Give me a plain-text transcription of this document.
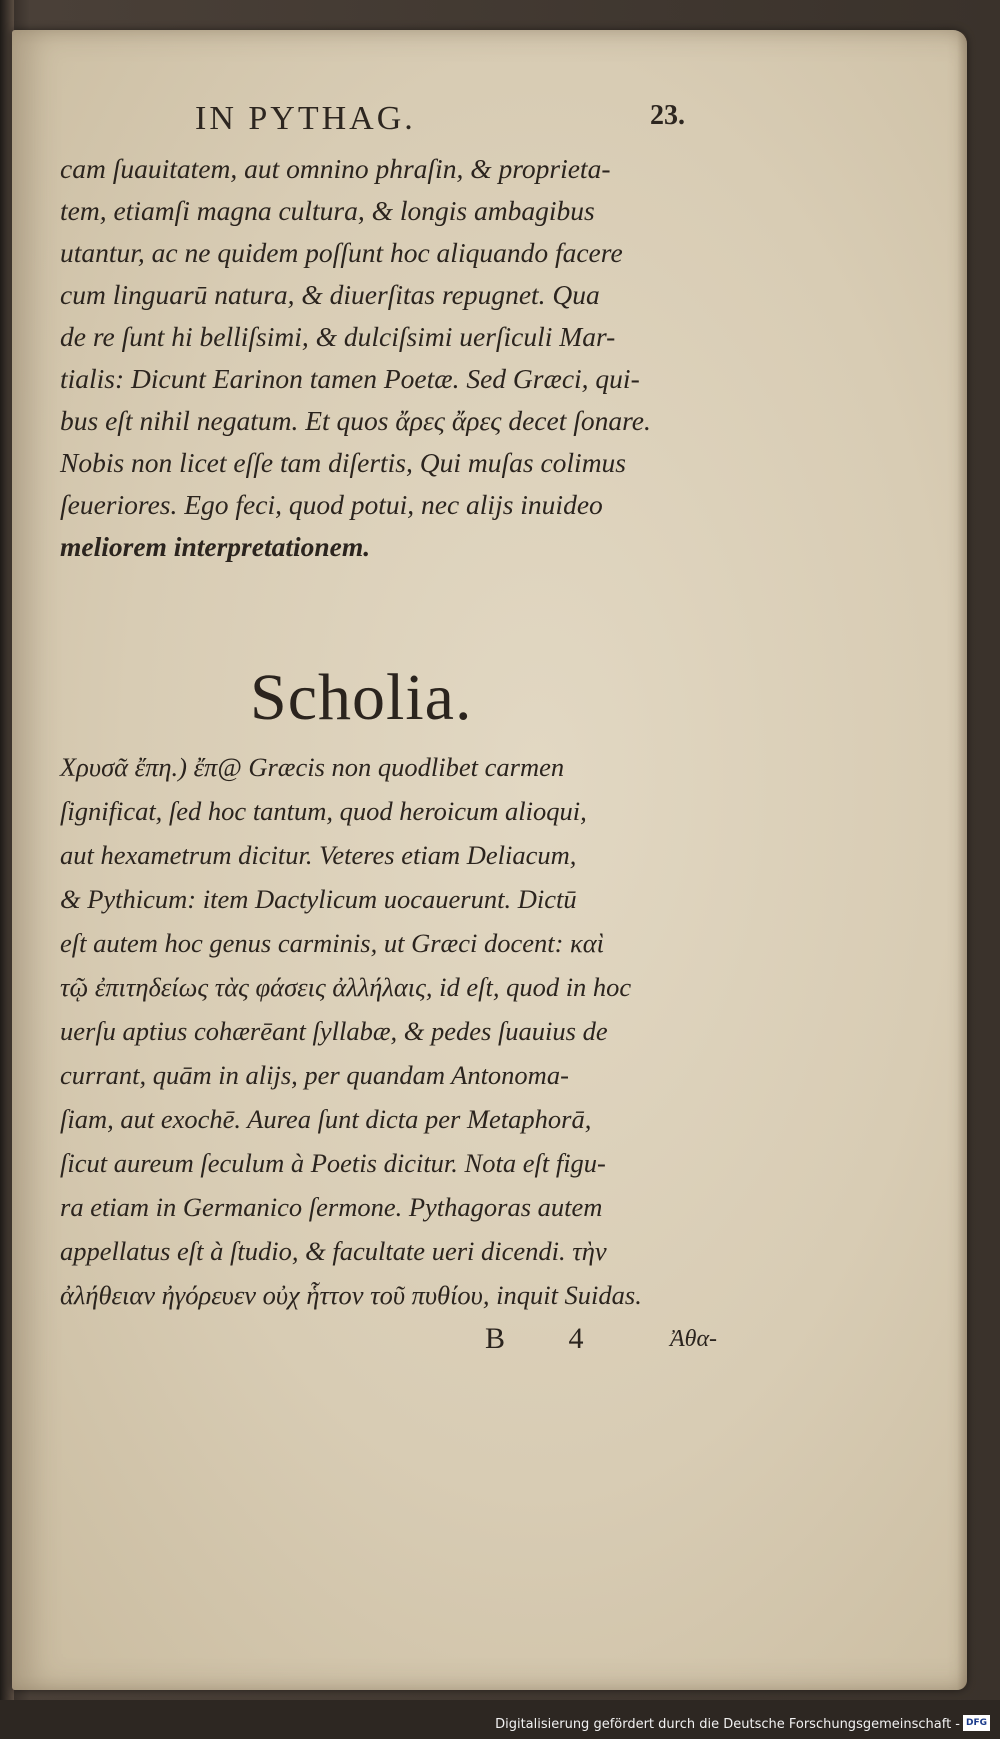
IN PYTHAG.	23.
cam ſuauitatem, aut omnino phraſin, & proprieta-
tem, etiamſi magna cultura, & longis ambagibus
utantur, ac ne quidem poſſunt hoc aliquando facere
cum linguarū natura, & diuerſitas repugnet. Qua
de re ſunt hi belliſsimi, & dulciſsimi uerſiculi Mar-
tialis: Dicunt Earinon tamen Poetæ. Sed Græci, qui-
bus eſt nihil negatum. Et quos ἄρες ἄρες decet ſonare.
Nobis non licet eſſe tam diſertis, Qui muſas colimus
ſeueriores. Ego feci, quod potui, nec alijs inuideo
meliorem interpretationem.
Scholia.
Χρυσᾶ ἔπη.) ἔπ@ Græcis non quodlibet carmen
ſignificat, ſed hoc tantum, quod heroicum alioqui,
aut hexametrum dicitur. Veteres etiam Deliacum,
& Pythicum: item Dactylicum uocauerunt. Dictū
eſt autem hoc genus carminis, ut Græci docent: καὶ
τῷ ἐπιτηδείως τὰς φάσεις ἀλλήλαις, id eſt, quod in hoc
uerſu aptius cohærēant ſyllabæ, & pedes ſuauius de
currant, quām in alijs, per quandam Antonoma-
ſiam, aut exochē. Aurea ſunt dicta per Metaphorā,
ſicut aureum ſeculum à Poetis dicitur. Nota eſt figu-
ra etiam in Germanico ſermone. Pythagoras autem
appellatus eſt à ſtudio, & facultate ueri dicendi. τὴν
ἀλήθειαν ἠγόρευεν οὐχ ἧττον τοῦ πυθίου, inquit Suidas.
B 4 Ἀθα-
Digitalisierung gefördert durch die Deutsche Forschungsgemeinschaft - DFG
